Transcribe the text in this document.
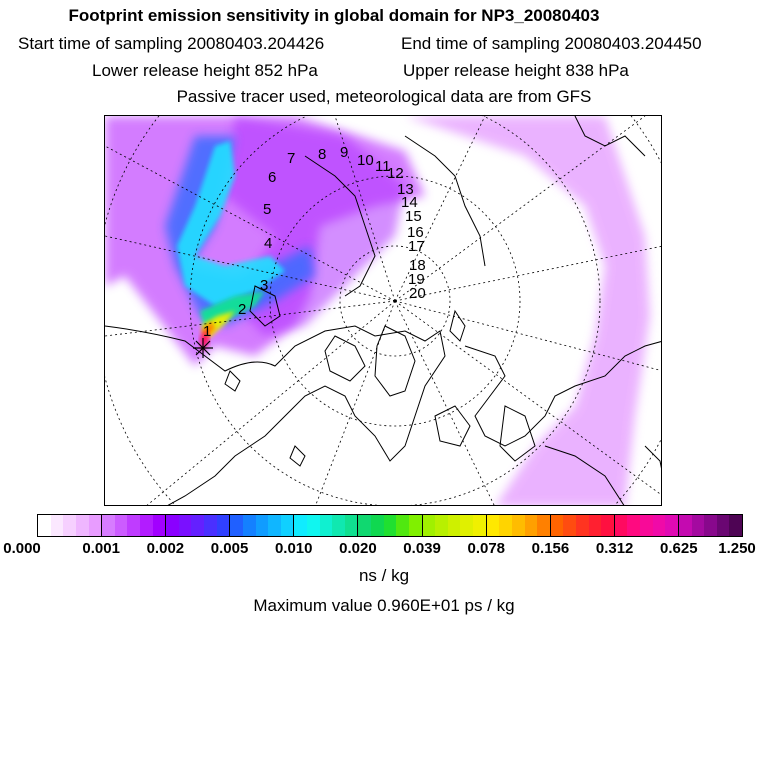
Footprint emission sensitivity in global domain for NP3_20080403
Start time of sampling 20080403.204426	End time of sampling 20080403.204450
Lower release height 852 hPa	Upper release height 838 hPa
Passive tracer used, meteorological data are from GFS
1
2
3
4
5
6
7 8 9 10 11
12
13
14
15
16
17
18
19
20
0.000	0.001 0.002 0.005 0.010 0.020 0.039 0.078 0.156 0.312 0.625 1.250
ns / kg
Maximum value 0.960E+01 ps / kg
